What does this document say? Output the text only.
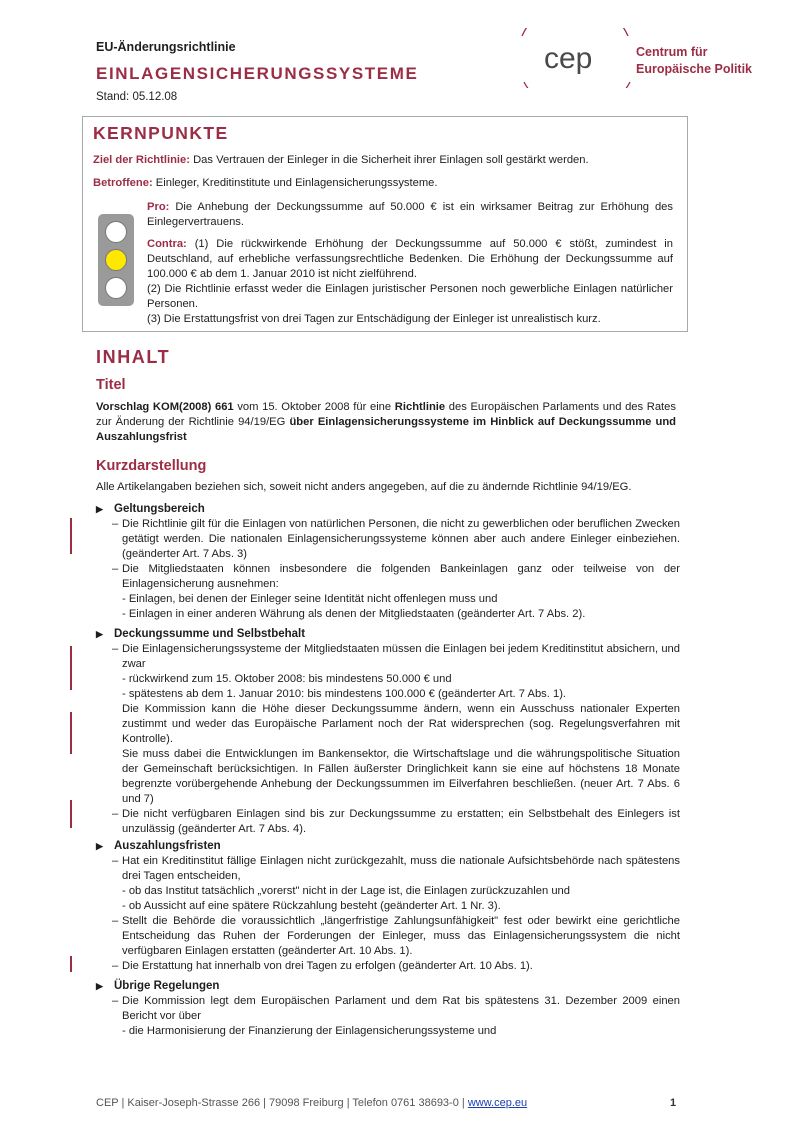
EU-Änderungsrichtlinie
EINLAGENSICHERUNGSSYSTEME
Stand: 05.12.08
cep	Centrum für
Europäische Politik
KERNPUNKTE
Ziel der Richtlinie: Das Vertrauen der Einleger in die Sicherheit ihrer Einlagen soll gestärkt werden.
Betroffene: Einleger, Kreditinstitute und Einlagensicherungssysteme.
Pro: Die Anhebung der Deckungssumme auf 50.000 € ist ein wirksamer Beitrag zur Erhöhung des Einlegervertrauens.
Contra: (1) Die rückwirkende Erhöhung der Deckungssumme auf 50.000 € stößt, zumindest in Deutschland, auf erhebliche verfassungsrechtliche Bedenken. Die Erhöhung der Deckungssumme auf 100.000 € ab dem 1. Januar 2010 ist nicht zielführend.
(2) Die Richtlinie erfasst weder die Einlagen juristischer Personen noch gewerbliche Einlagen natürlicher Personen.
(3) Die Erstattungsfrist von drei Tagen zur Entschädigung der Einleger ist unrealistisch kurz.
INHALT
Titel
Vorschlag KOM(2008) 661 vom 15. Oktober 2008 für eine Richtlinie des Europäischen Parlaments und des Rates zur Änderung der Richtlinie 94/19/EG über Einlagensicherungssysteme im Hinblick auf Deckungssumme und Auszahlungsfrist
Kurzdarstellung
Alle Artikelangaben beziehen sich, soweit nicht anders angegeben, auf die zu ändernde Richtlinie 94/19/EG.
▶ Geltungsbereich
– Die Richtlinie gilt für die Einlagen von natürlichen Personen, die nicht zu gewerblichen oder beruflichen Zwecken getätigt werden. Die nationalen Einlagensicherungssysteme können aber auch andere Einleger einbeziehen. (geänderter Art. 7 Abs. 3)
– Die Mitgliedstaaten können insbesondere die folgenden Bankeinlagen ganz oder teilweise von der Einlagensicherung ausnehmen:
- Einlagen, bei denen der Einleger seine Identität nicht offenlegen muss und
- Einlagen in einer anderen Währung als denen der Mitgliedstaaten (geänderter Art. 7 Abs. 2).
▶ Deckungssumme und Selbstbehalt
– Die Einlagensicherungssysteme der Mitgliedstaaten müssen die Einlagen bei jedem Kreditinstitut absichern, und zwar
- rückwirkend zum 15. Oktober 2008: bis mindestens 50.000 € und
- spätestens ab dem 1. Januar 2010: bis mindestens 100.000 € (geänderter Art. 7 Abs. 1).
Die Kommission kann die Höhe dieser Deckungssumme ändern, wenn ein Ausschuss nationaler Experten zustimmt und weder das Europäische Parlament noch der Rat widersprechen (sog. Regelungsverfahren mit Kontrolle).
Sie muss dabei die Entwicklungen im Bankensektor, die Wirtschaftslage und die währungspolitische Situation der Gemeinschaft berücksichtigen. In Fällen äußerster Dringlichkeit kann sie eine auf höchstens 18 Monate begrenzte vorübergehende Anhebung der Deckungssummen im Eilverfahren beschließen. (neuer Art. 7 Abs. 6 und 7)
– Die nicht verfügbaren Einlagen sind bis zur Deckungssumme zu erstatten; ein Selbstbehalt des Einlegers ist unzulässig (geänderter Art. 7 Abs. 4).
▶ Auszahlungsfristen
– Hat ein Kreditinstitut fällige Einlagen nicht zurückgezahlt, muss die nationale Aufsichtsbehörde nach spätestens drei Tagen entscheiden,
- ob das Institut tatsächlich „vorerst" nicht in der Lage ist, die Einlagen zurückzuzahlen und
- ob Aussicht auf eine spätere Rückzahlung besteht (geänderter Art. 1 Nr. 3).
– Stellt die Behörde die voraussichtlich „längerfristige Zahlungsunfähigkeit" fest oder bewirkt eine gerichtliche Entscheidung das Ruhen der Forderungen der Einleger, muss das Einlagensicherungssystem die nicht verfügbaren Einlagen erstatten (geänderter Art. 10 Abs. 1).
– Die Erstattung hat innerhalb von drei Tagen zu erfolgen (geänderter Art. 10 Abs. 1).
▶ Übrige Regelungen
– Die Kommission legt dem Europäischen Parlament und dem Rat bis spätestens 31. Dezember 2009 einen Bericht vor über
- die Harmonisierung der Finanzierung der Einlagensicherungssysteme und
CEP | Kaiser-Joseph-Strasse 266 | 79098 Freiburg | Telefon 0761 38693-0 | www.cep.eu	1
